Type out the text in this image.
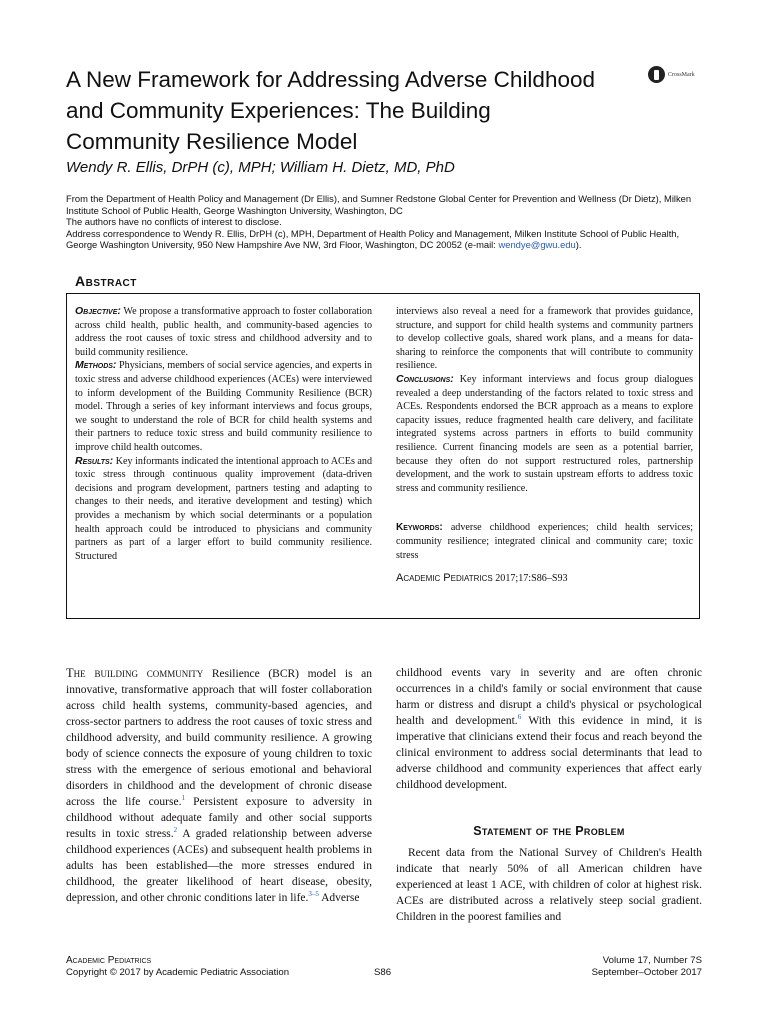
A New Framework for Addressing Adverse Childhood and Community Experiences: The Building Community Resilience Model
CrossMark
Wendy R. Ellis, DrPH (c), MPH; William H. Dietz, MD, PhD

From the Department of Health Policy and Management (Dr Ellis), and Sumner Redstone Global Center for Prevention and Wellness (Dr Dietz), Milken Institute School of Public Health, George Washington University, Washington, DC

The authors have no conflicts of interest to disclose.

Address correspondence to Wendy R. Ellis, DrPH (c), MPH, Department of Health Policy and Management, Milken Institute School of Public Health, George Washington University, 950 New Hampshire Ave NW, 3rd Floor, Washington, DC 20052 (e-mail: wendye@gwu.edu).

Abstract

Objective: We propose a transformative approach to foster collaboration across child health, public health, and community-based agencies to address the root causes of toxic stress and childhood adversity and to build community resilience.

Methods: Physicians, members of social service agencies, and experts in toxic stress and adverse childhood experiences (ACEs) were interviewed to inform development of the Building Community Resilience (BCR) model. Through a series of key informant interviews and focus groups, we sought to understand the role of BCR for child health systems and their partners to reduce toxic stress and build community resilience to improve child health outcomes.

Results: Key informants indicated the intentional approach to ACEs and toxic stress through continuous quality improvement (data-driven decisions and program development, partners testing and adapting to changes to their needs, and iterative development and testing) which provides a mechanism by which social determinants or a population health approach could be introduced to physicians and community partners as part of a larger effort to build community resilience. Structured

interviews also reveal a need for a framework that provides guidance, structure, and support for child health systems and community partners to develop collective goals, shared work plans, and a means for data-sharing to reinforce the components that will contribute to community resilience.

Conclusions: Key informant interviews and focus group dialogues revealed a deep understanding of the factors related to toxic stress and ACEs. Respondents endorsed the BCR approach as a means to explore capacity issues, reduce fragmented health care delivery, and facilitate integrated systems across partners in efforts to build community resilience. Current financing models are seen as a potential barrier, because they often do not support restructured roles, partnership development, and the work to sustain upstream efforts to address toxic stress and community resilience.

Keywords: adverse childhood experiences; child health services; community resilience; integrated clinical and community care; toxic stress

Academic Pediatrics 2017;17:S86–S93

The building community Resilience (BCR) model is an innovative, transformative approach that will foster collaboration across child health systems, community-based agencies, and cross-sector partners to address the root causes of toxic stress and childhood adversity, and build community resilience. A growing body of science connects the exposure of young children to toxic stress with the emergence of serious emotional and behavioral disorders in childhood and the development of chronic disease across the life course.$^1$ Persistent exposure to adversity in childhood without adequate family and other social supports results in toxic stress.$^2$ A graded relationship between adverse childhood experiences (ACEs) and subsequent health problems in adults has been established—the more stresses endured in childhood, the greater likelihood of heart disease, obesity, depression, and other chronic conditions later in life.$^{3-5}$ Adverse

childhood events vary in severity and are often chronic occurrences in a child's family or social environment that cause harm or distress and disrupt a child's physical or psychological health and development.$^6$ With this evidence in mind, it is imperative that clinicians extend their focus and reach beyond the clinical environment to address social determinants that lead to adverse childhood and community experiences that affect early childhood development.

Statement of the Problem

Recent data from the National Survey of Children's Health indicate that nearly 50% of all American children have experienced at least 1 ACE, with children of color at highest risk. ACEs are distributed across a relatively steep social gradient. Children in the poorest families and

Academic Pediatrics
Copyright © 2017 by Academic Pediatric Association	S86
Volume 17, Number 7S
September–October 2017
